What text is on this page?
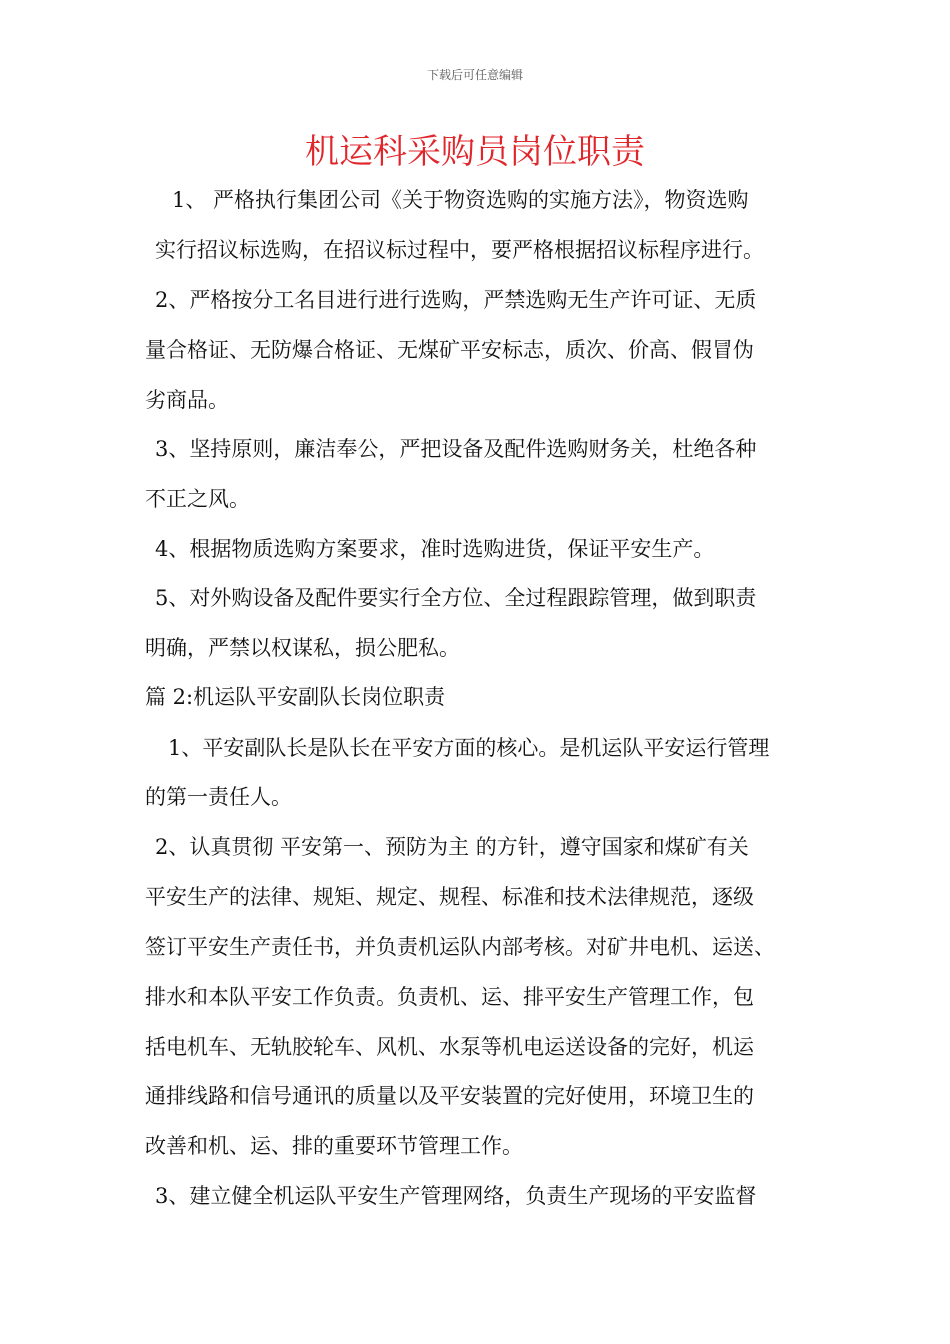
下载后可任意编辑
机运科采购员岗位职责
1、 严格执行集团公司《关于物资选购的实施方法》，物资选购
实行招议标选购，在招议标过程中，要严格根据招议标程序进行。
2、严格按分工名目进行进行选购，严禁选购无生产许可证、无质
量合格证、无防爆合格证、无煤矿平安标志，质次、价高、假冒伪
劣商品。
3、坚持原则，廉洁奉公，严把设备及配件选购财务关，杜绝各种
不正之风。
4、根据物质选购方案要求，准时选购进货，保证平安生产。
5、对外购设备及配件要实行全方位、全过程跟踪管理，做到职责
明确，严禁以权谋私，损公肥私。
篇 2:机运队平安副队长岗位职责
1、平安副队长是队长在平安方面的核心。是机运队平安运行管理
的第一责任人。
2、认真贯彻 平安第一、预防为主 的方针，遵守国家和煤矿有关
平安生产的法律、规矩、规定、规程、标准和技术法律规范，逐级
签订平安生产责任书，并负责机运队内部考核。对矿井电机、运送、
排水和本队平安工作负责。负责机、运、排平安生产管理工作，包
括电机车、无轨胶轮车、风机、水泵等机电运送设备的完好，机运
通排线路和信号通讯的质量以及平安装置的完好使用，环境卫生的
改善和机、运、排的重要环节管理工作。
3、建立健全机运队平安生产管理网络，负责生产现场的平安监督
